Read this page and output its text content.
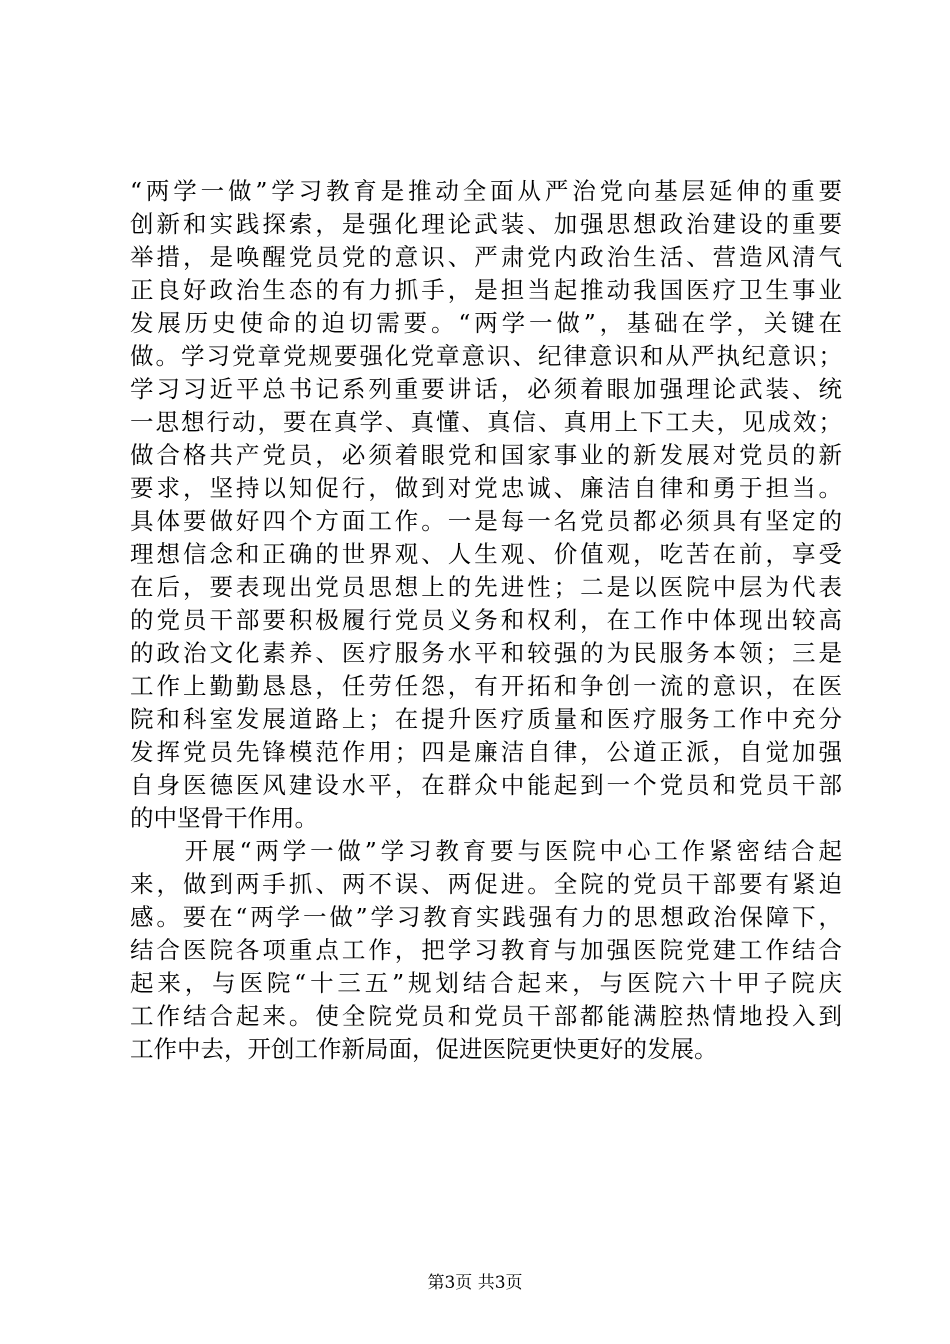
“两学一做”学习教育是推动全面从严治党向基层延伸的重要
创新和实践探索，是强化理论武装、加强思想政治建设的重要
举措，是唤醒党员党的意识、严肃党内政治生活、营造风清气
正良好政治生态的有力抓手，是担当起推动我国医疗卫生事业
发展历史使命的迫切需要。“两学一做”，基础在学，关键在
做。学习党章党规要强化党章意识、纪律意识和从严执纪意识；
学习习近平总书记系列重要讲话，必须着眼加强理论武装、统
一思想行动，要在真学、真懂、真信、真用上下工夫，见成效；
做合格共产党员，必须着眼党和国家事业的新发展对党员的新
要求，坚持以知促行，做到对党忠诚、廉洁自律和勇于担当。
具体要做好四个方面工作。一是每一名党员都必须具有坚定的
理想信念和正确的世界观、人生观、价值观，吃苦在前，享受
在后，要表现出党员思想上的先进性；二是以医院中层为代表
的党员干部要积极履行党员义务和权利，在工作中体现出较高
的政治文化素养、医疗服务水平和较强的为民服务本领；三是
工作上勤勤恳恳，任劳任怨，有开拓和争创一流的意识，在医
院和科室发展道路上；在提升医疗质量和医疗服务工作中充分
发挥党员先锋模范作用；四是廉洁自律，公道正派，自觉加强
自身医德医风建设水平，在群众中能起到一个党员和党员干部
的中坚骨干作用。
　　开展“两学一做”学习教育要与医院中心工作紧密结合起
来，做到两手抓、两不误、两促进。全院的党员干部要有紧迫
感。要在“两学一做”学习教育实践强有力的思想政治保障下，
结合医院各项重点工作，把学习教育与加强医院党建工作结合
起来，与医院“十三五”规划结合起来，与医院六十甲子院庆
工作结合起来。使全院党员和党员干部都能满腔热情地投入到
工作中去，开创工作新局面，促进医院更快更好的发展。
第3页 共3页
